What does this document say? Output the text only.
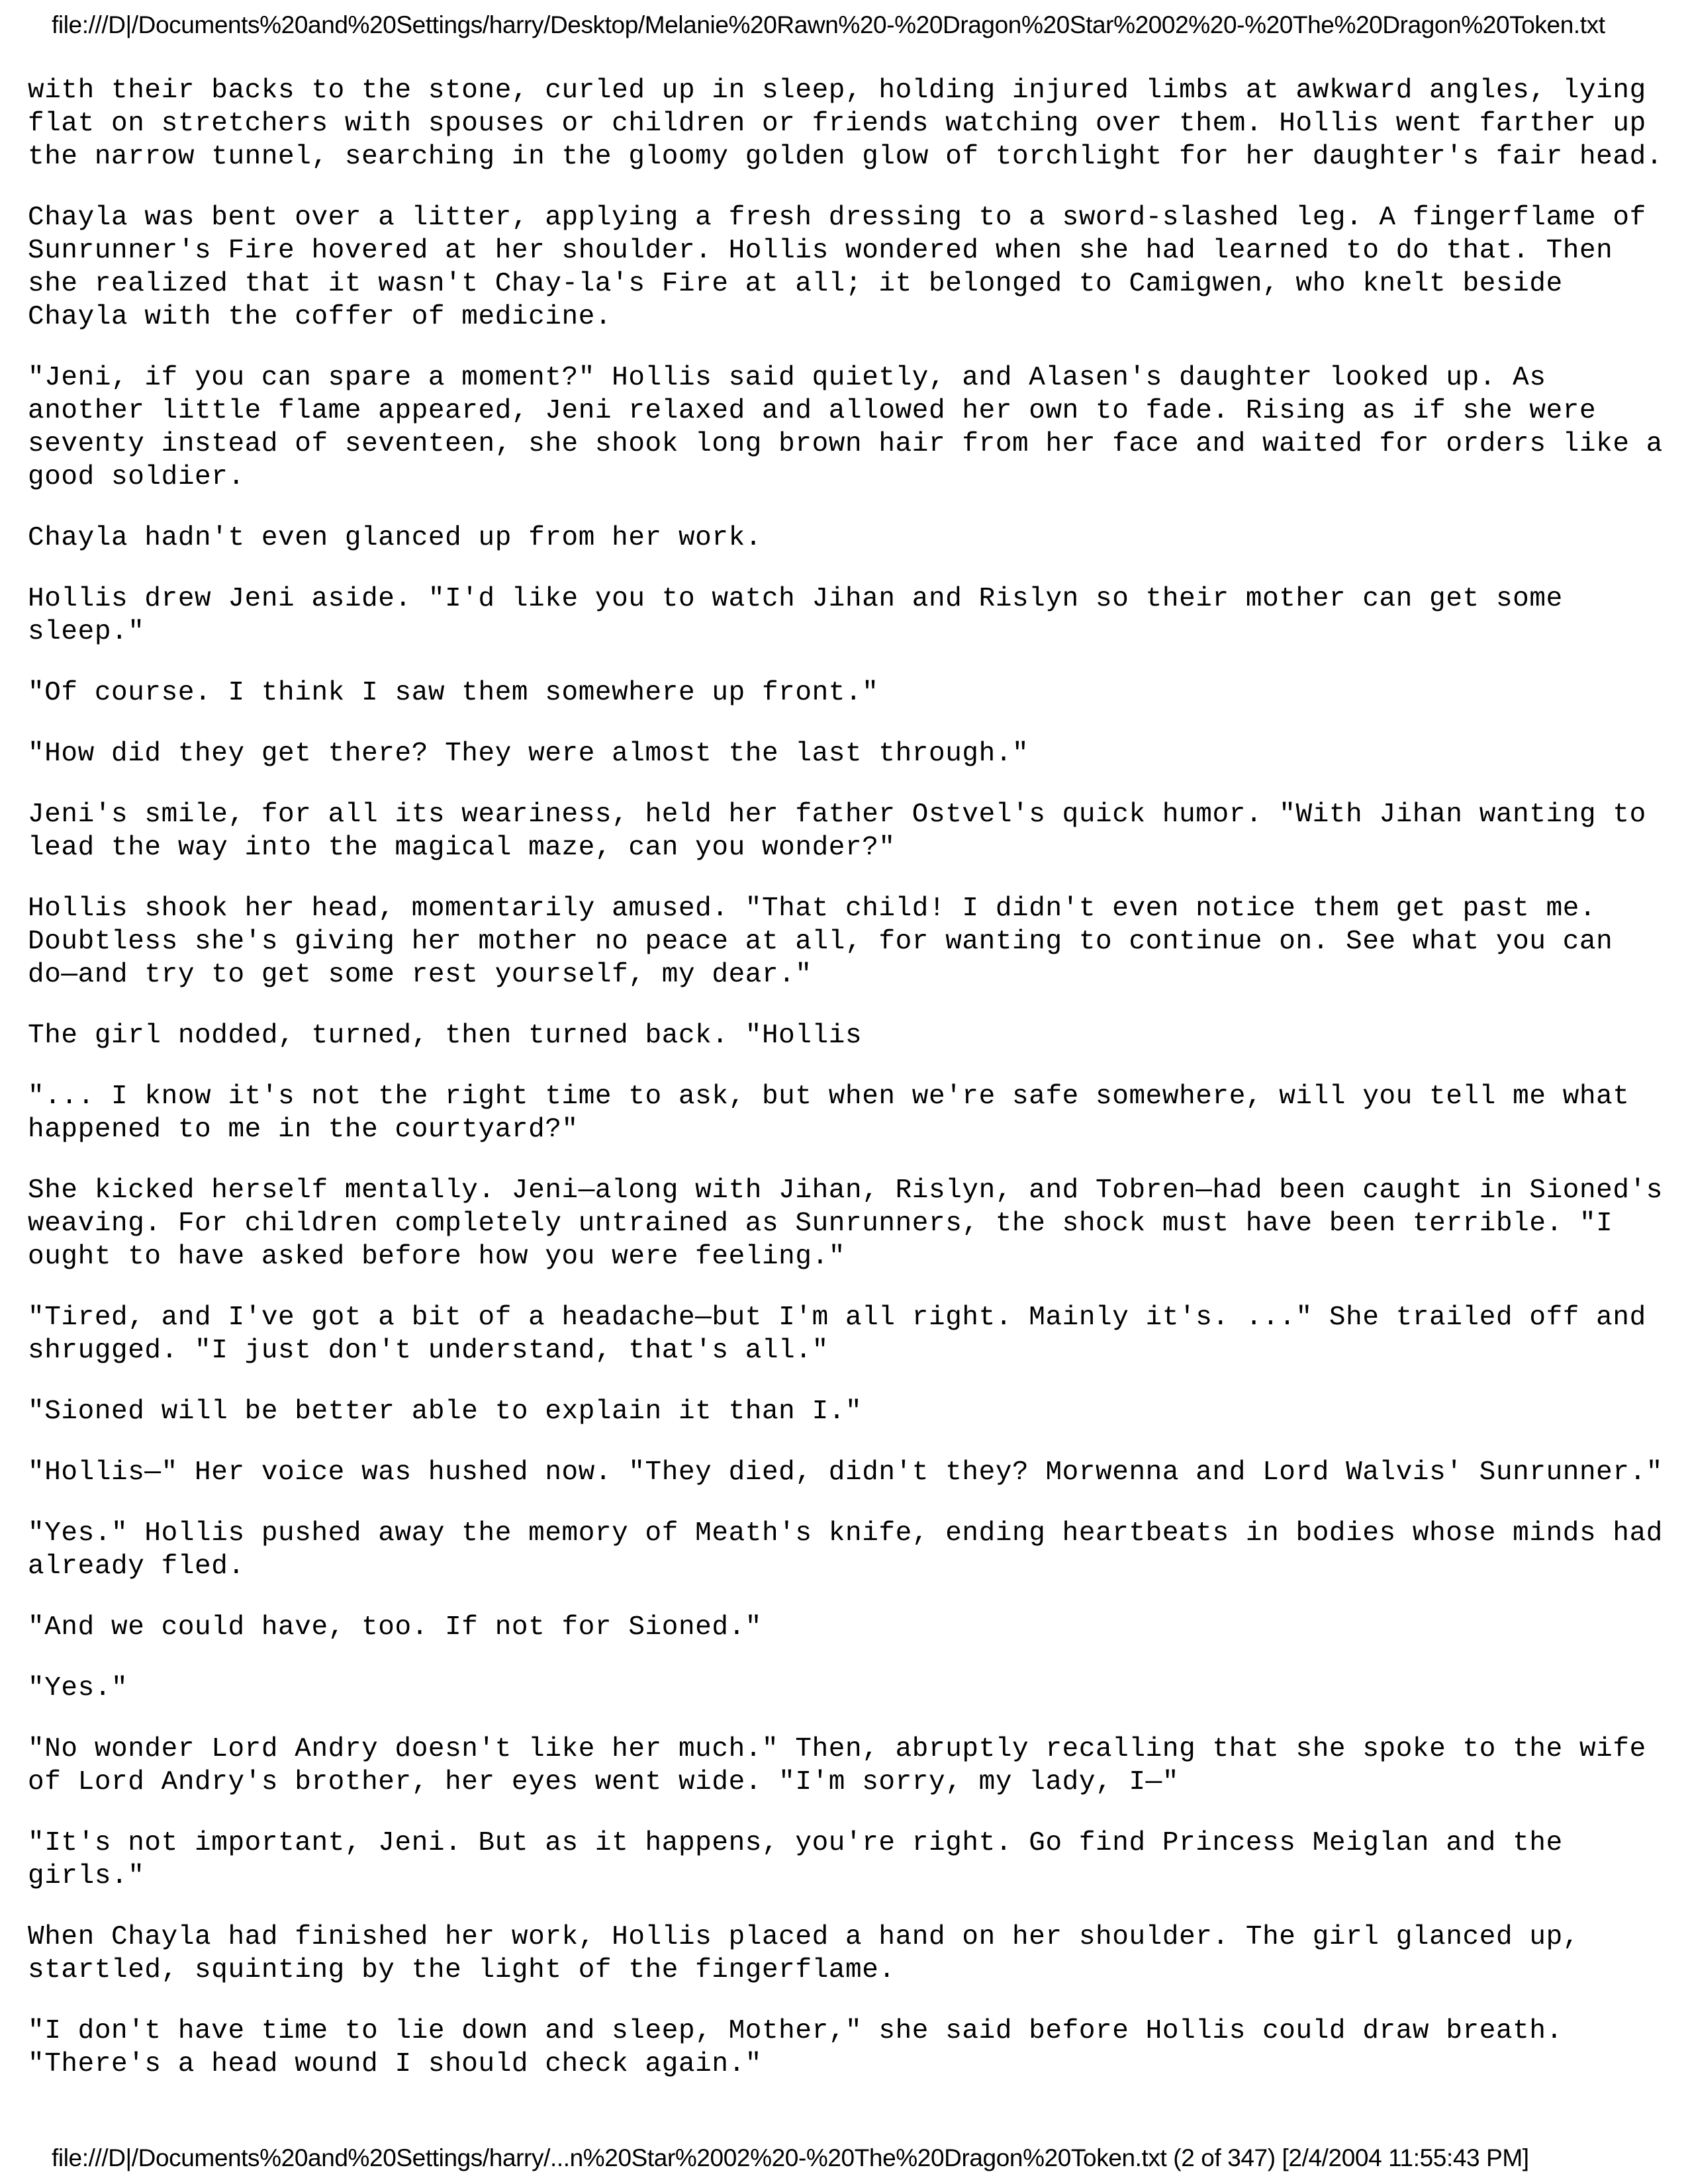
file:///D|/Documents%20and%20Settings/harry/Desktop/Melanie%20Rawn%20-%20Dragon%20Star%2002%20-%20The%20Dragon%20Token.txt
with their backs to the stone, curled up in sleep, holding injured limbs at awkward angles, lying
flat on stretchers with spouses or children or friends watching over them. Hollis went farther up
the narrow tunnel, searching in the gloomy golden glow of torchlight for her daughter's fair head.
Chayla was bent over a litter, applying a fresh dressing to a sword-slashed leg. A fingerflame of
Sunrunner's Fire hovered at her shoulder. Hollis wondered when she had learned to do that. Then
she realized that it wasn't Chay-la's Fire at all; it belonged to Camigwen, who knelt beside
Chayla with the coffer of medicine.
"Jeni, if you can spare a moment?" Hollis said quietly, and Alasen's daughter looked up. As
another little flame appeared, Jeni relaxed and allowed her own to fade. Rising as if she were
seventy instead of seventeen, she shook long brown hair from her face and waited for orders like a
good soldier.
Chayla hadn't even glanced up from her work.
Hollis drew Jeni aside. "I'd like you to watch Jihan and Rislyn so their mother can get some
sleep."
"Of course. I think I saw them somewhere up front."
"How did they get there? They were almost the last through."
Jeni's smile, for all its weariness, held her father Ostvel's quick humor. "With Jihan wanting to
lead the way into the magical maze, can you wonder?"
Hollis shook her head, momentarily amused. "That child! I didn't even notice them get past me.
Doubtless she's giving her mother no peace at all, for wanting to continue on. See what you can
do—and try to get some rest yourself, my dear."
The girl nodded, turned, then turned back. "Hollis
"... I know it's not the right time to ask, but when we're safe somewhere, will you tell me what
happened to me in the courtyard?"
She kicked herself mentally. Jeni—along with Jihan, Rislyn, and Tobren—had been caught in Sioned's
weaving. For children completely untrained as Sunrunners, the shock must have been terrible. "I
ought to have asked before how you were feeling."
"Tired, and I've got a bit of a headache—but I'm all right. Mainly it's. ..." She trailed off and
shrugged. "I just don't understand, that's all."
"Sioned will be better able to explain it than I."
"Hollis—" Her voice was hushed now. "They died, didn't they? Morwenna and Lord Walvis' Sunrunner."
"Yes." Hollis pushed away the memory of Meath's knife, ending heartbeats in bodies whose minds had
already fled.
"And we could have, too. If not for Sioned."
"Yes."
"No wonder Lord Andry doesn't like her much." Then, abruptly recalling that she spoke to the wife
of Lord Andry's brother, her eyes went wide. "I'm sorry, my lady, I—"
"It's not important, Jeni. But as it happens, you're right. Go find Princess Meiglan and the
girls."
When Chayla had finished her work, Hollis placed a hand on her shoulder. The girl glanced up,
startled, squinting by the light of the fingerflame.
"I don't have time to lie down and sleep, Mother," she said before Hollis could draw breath.
"There's a head wound I should check again."
file:///D|/Documents%20and%20Settings/harry/...n%20Star%2002%20-%20The%20Dragon%20Token.txt (2 of 347) [2/4/2004 11:55:43 PM]
